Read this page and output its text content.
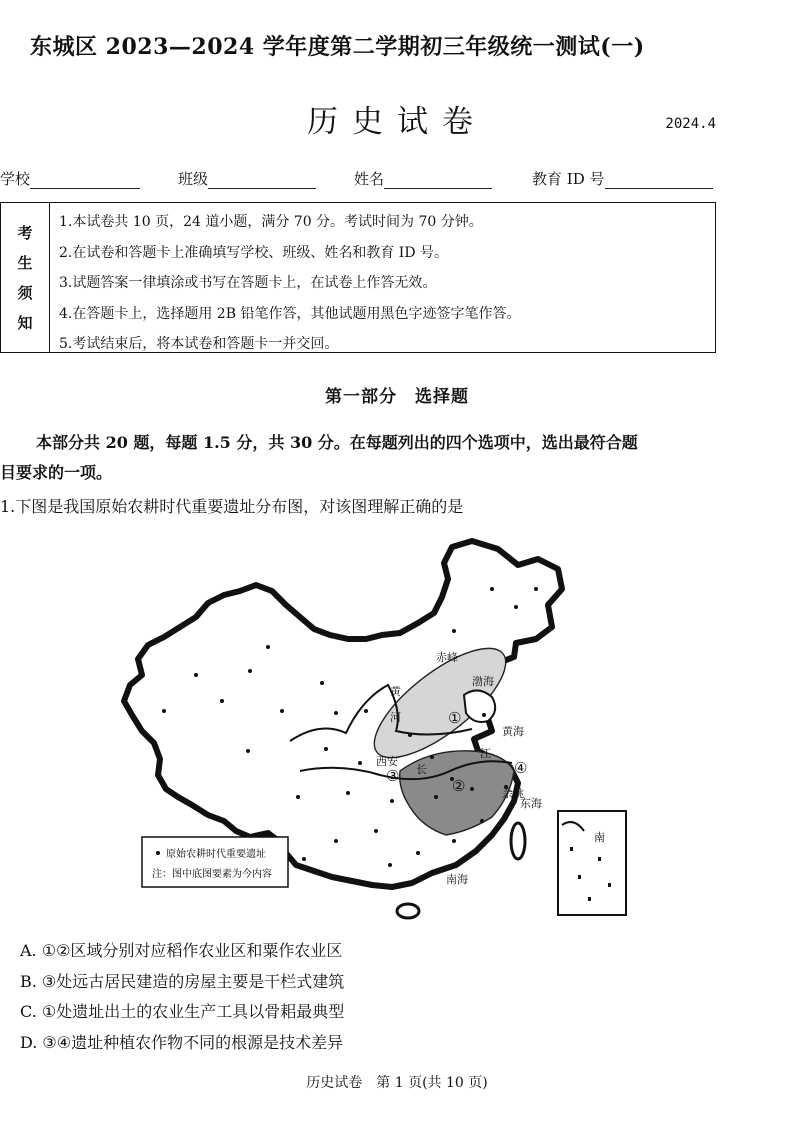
东城区 2023—2024 学年度第二学期初三年级统一测试(一)
历史试卷	2024.4
学校	班级	姓名	教育 ID 号
考
生
须
知
1.本试卷共 10 页，24 道小题，满分 70 分。考试时间为 70 分钟。
2.在试卷和答题卡上准确填写学校、班级、姓名和教育 ID 号。
3.试题答案一律填涂或书写在答题卡上，在试卷上作答无效。
4.在答题卡上，选择题用 2B 铅笔作答，其他试题用黑色字迹签字笔作答。
5.考试结束后，将本试卷和答题卡一并交回。
第一部分　选择题
本部分共 20 题，每题 1.5 分，共 30 分。在每题列出的四个选项中，选出最符合题
目要求的一项。
1.下图是我国原始农耕时代重要遗址分布图，对该图理解正确的是
赤峰
西安
余姚
黄海
东海
南海
渤海
黄
河
长
江
①
②
③	④
原始农耕时代重要遗址
注：图中底图要素为今内容
南
A. ①②区域分别对应稻作农业区和粟作农业区
B. ③处远古居民建造的房屋主要是干栏式建筑
C. ①处遗址出土的农业生产工具以骨耜最典型
D. ③④遗址种植农作物不同的根源是技术差异
历史试卷　第 1 页(共 10 页)
